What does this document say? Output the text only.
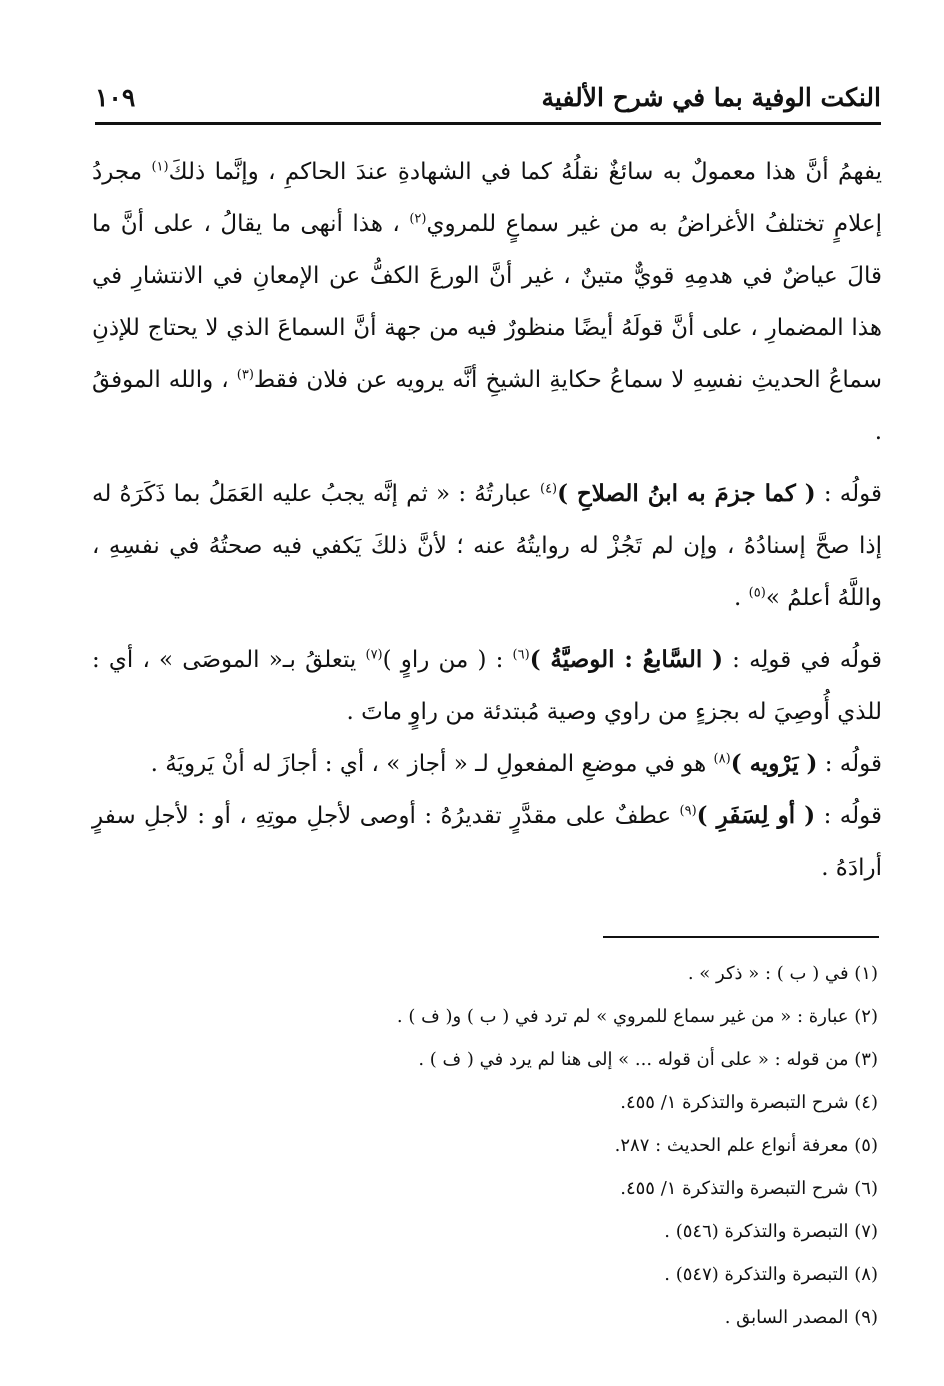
النكت الوفية بما في شرح الألفية
١٠٩

يفهمُ أنَّ هذا معمولٌ به سائغٌ نقلُهُ كما في الشهادةِ عندَ الحاكمِ ، وإنَّما ذلكَ$^{(١)}$ مجردُ إعلامٍ تختلفُ الأغراضُ به من غير سماعٍ للمروي$^{(٢)}$ ، هذا أنهى ما يقالُ ، على أنَّ ما قالَ عياضٌ في هدمِهِ قويٌّ متينٌ ، غير أنَّ الورعَ الكفُّ عن الإمعانِ في الانتشارِ في هذا المضمارِ ، على أنَّ قولَهُ أيضًا منظورٌ فيه من جهة أنَّ السماعَ الذي لا يحتاج للإذنِ سماعُ الحديثِ نفسِهِ لا سماعُ حكايةِ الشيخِ أنَّه يرويه عن فلان فقط$^{(٣)}$ ، والله الموفقُ .

قولُه : ( كما جزمَ به ابنُ الصلاحِ )$^{(٤)}$ عبارتُهُ : « ثم إنَّه يجبُ عليه العَمَلُ بما ذَكَرَهُ له إذا صحَّ إسنادُهُ ، وإن لم تَجُزْ له روايتُهُ عنه ؛ لأنَّ ذلكَ يَكفي فيه صحتُهُ في نفسِهِ ، واللَّهُ أعلمُ »$^{(٥)}$ .

قولُه في قولِه : ( السَّابعُ : الوصيَّةُ )$^{(٦)}$ : ( من راوٍ )$^{(٧)}$ يتعلقُ بـ« الموصَى » ، أي : للذي أُوصِيَ له بجزءٍ من راوي وصية مُبتدئة من راوٍ ماتَ .

قولُه : ( يَرْويه )$^{(٨)}$ هو في موضعِ المفعولِ لـ « أجاز » ، أي : أجازَ له أنْ يَرويَهُ .

قولُه : ( أو لِسَفَرِ )$^{(٩)}$ عطفٌ على مقدَّرٍ تقديرُهُ : أوصى لأجلِ موتِهِ ، أو : لأجلِ سفرٍ أرادَهُ .

(١) في ( ب ) : « ذكر » .
(٢) عبارة : « من غير سماع للمروي » لم ترد في ( ب ) و( ف ) .
(٣) من قوله : « على أن قوله ... » إلى هنا لم يرد في ( ف ) .
(٤) شرح التبصرة والتذكرة ١/ ٤٥٥.
(٥) معرفة أنواع علم الحديث : ٢٨٧.
(٦) شرح التبصرة والتذكرة ١/ ٤٥٥.
(٧) التبصرة والتذكرة (٥٤٦) .
(٨) التبصرة والتذكرة (٥٤٧) .
(٩) المصدر السابق .
